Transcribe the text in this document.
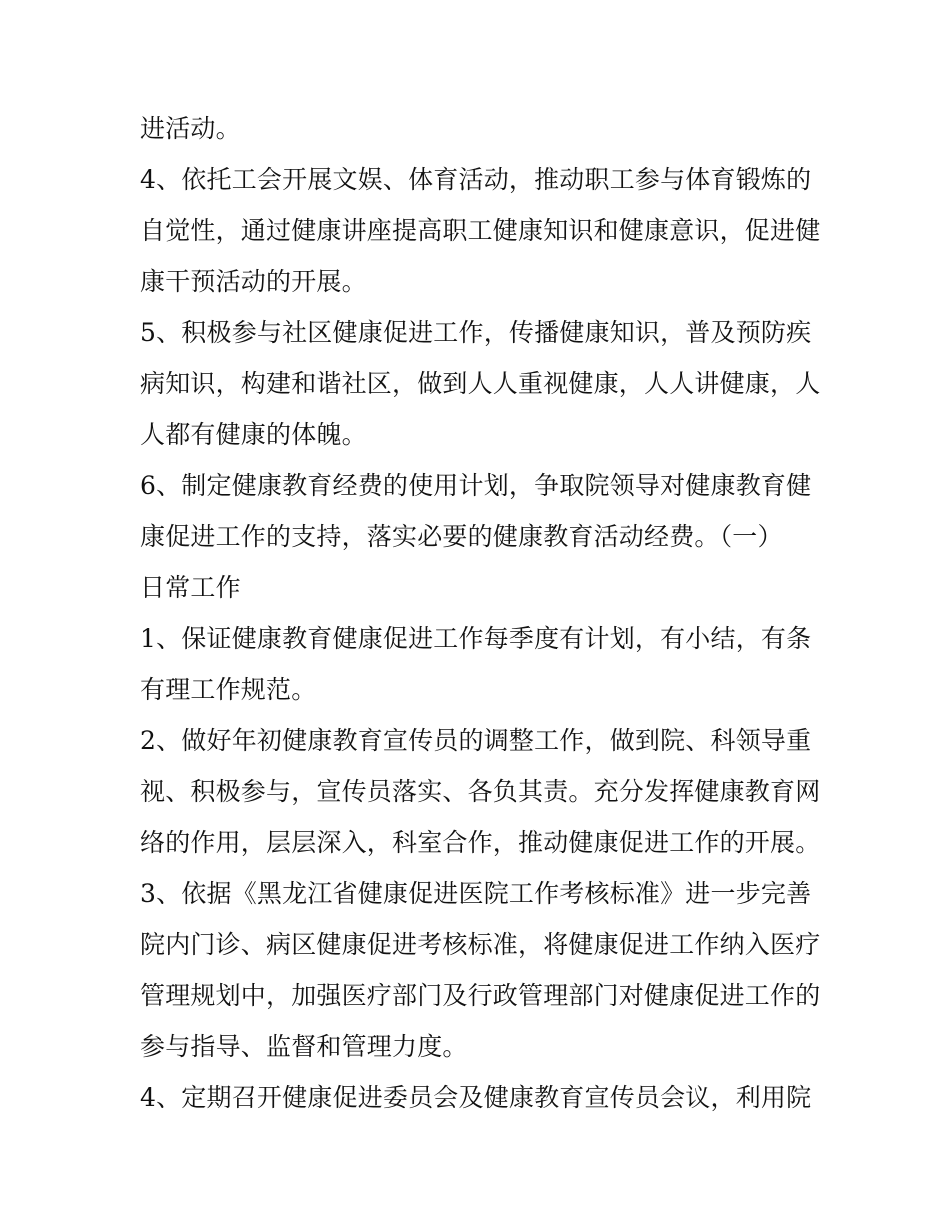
进活动。
4、依托工会开展文娱、体育活动，推动职工参与体育锻炼的
自觉性，通过健康讲座提高职工健康知识和健康意识，促进健
康干预活动的开展。
5、积极参与社区健康促进工作，传播健康知识，普及预防疾
病知识，构建和谐社区，做到人人重视健康，人人讲健康，人
人都有健康的体魄。
6、制定健康教育经费的使用计划，争取院领导对健康教育健
康促进工作的支持，落实必要的健康教育活动经费。（一）
日常工作
1、保证健康教育健康促进工作每季度有计划，有小结，有条
有理工作规范。
2、做好年初健康教育宣传员的调整工作，做到院、科领导重
视、积极参与，宣传员落实、各负其责。充分发挥健康教育网
络的作用，层层深入，科室合作，推动健康促进工作的开展。
3、依据《黑龙江省健康促进医院工作考核标准》进一步完善
院内门诊、病区健康促进考核标准，将健康促进工作纳入医疗
管理规划中，加强医疗部门及行政管理部门对健康促进工作的
参与指导、监督和管理力度。
4、定期召开健康促进委员会及健康教育宣传员会议，利用院
